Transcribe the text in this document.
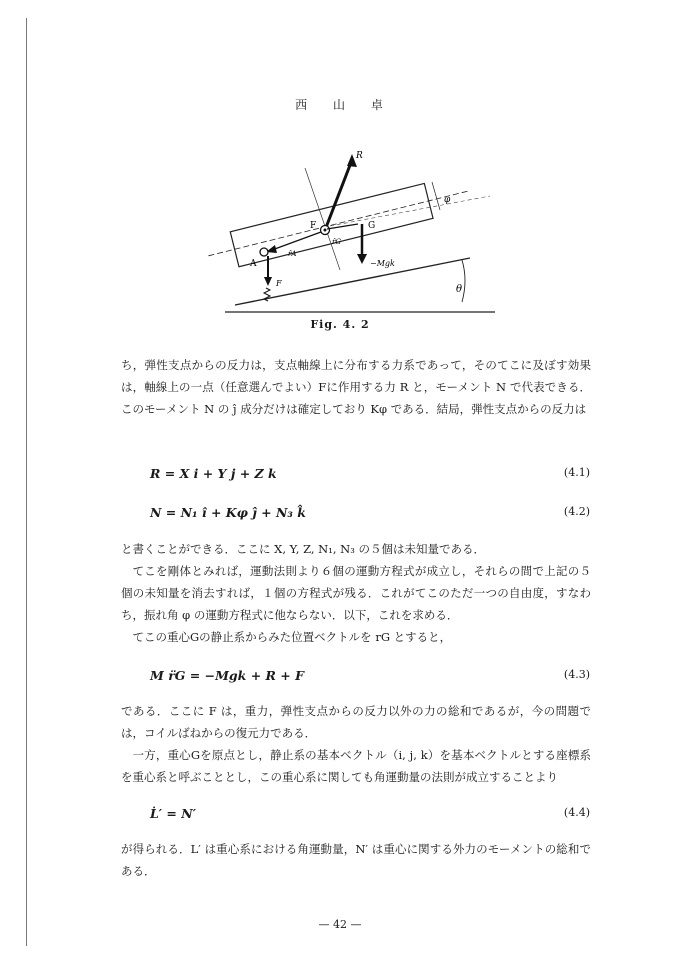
西 山 卓
θ
φ
R
F
r̂G
G
−Mgk
r̂A
A
F
Fig. 4. 2

ち，弾性支点からの反力は，支点軸線上に分布する力系であって，そのてこに及ぼす効果は，軸線上の一点（任意選んでよい）Fに作用する力 R と，モーメント N で代表できる．このモーメント N の ĵ 成分だけは確定しており Kφ である．結局，弾性支点からの反力は

R = X i + Y j + Z k	(4.1)
N = N₁ î + Kφ ĵ + N₃ k̂	(4.2)

と書くことができる．ここに X, Y, Z, N₁, N₃ の５個は未知量である．

てこを剛体とみれば，運動法則より６個の運動方程式が成立し，それらの間で上記の５個の未知量を消去すれば，１個の方程式が残る．これがてこのただ一つの自由度，すなわち，振れ角 φ の運動方程式に他ならない．以下，これを求める．

てこの重心Gの静止系からみた位置ベクトルを rG とすると，

M r̈G = −Mgk + R + F	(4.3)

である．ここに F は，重力，弾性支点からの反力以外の力の総和であるが，今の問題では，コイルばねからの復元力である．

一方，重心Gを原点とし，静止系の基本ベクトル（i, j, k）を基本ベクトルとする座標系を重心系と呼ぶこととし，この重心系に関しても角運動量の法則が成立することより

L̇′ = N′	(4.4)

が得られる．L′ は重心系における角運動量，N′ は重心に関する外力のモーメントの総和である．

— 42 —
